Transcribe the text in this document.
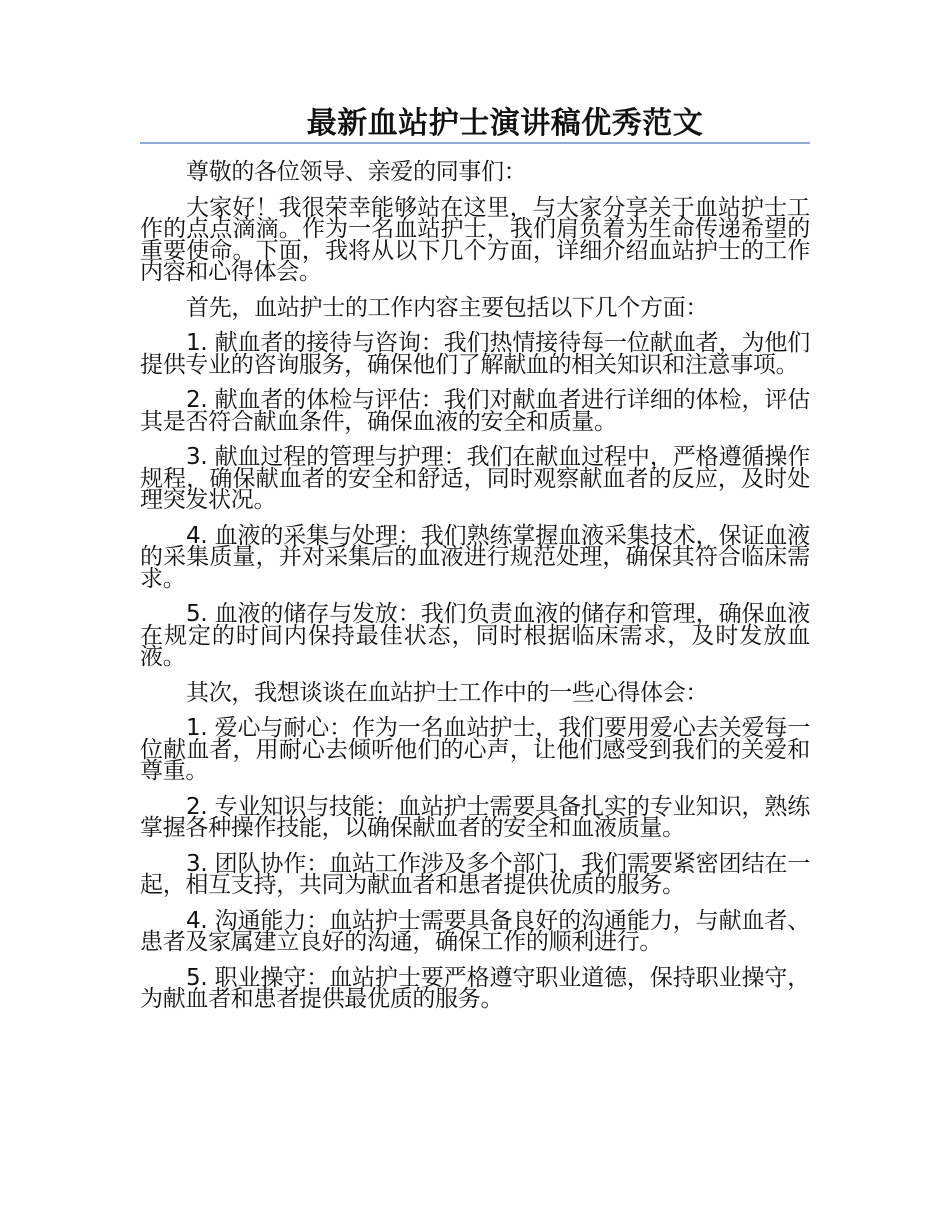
最新血站护士演讲稿优秀范文

尊敬的各位领导、亲爱的同事们：

大家好！我很荣幸能够站在这里，与大家分享关于血站护士工作的点点滴滴。作为一名血站护士，我们肩负着为生命传递希望的重要使命。下面，我将从以下几个方面，详细介绍血站护士的工作内容和心得体会。

首先，血站护士的工作内容主要包括以下几个方面：

1. 献血者的接待与咨询：我们热情接待每一位献血者，为他们提供专业的咨询服务，确保他们了解献血的相关知识和注意事项。

2. 献血者的体检与评估：我们对献血者进行详细的体检，评估其是否符合献血条件，确保血液的安全和质量。

3. 献血过程的管理与护理：我们在献血过程中，严格遵循操作规程，确保献血者的安全和舒适，同时观察献血者的反应，及时处理突发状况。

4. 血液的采集与处理：我们熟练掌握血液采集技术，保证血液的采集质量，并对采集后的血液进行规范处理，确保其符合临床需求。

5. 血液的储存与发放：我们负责血液的储存和管理，确保血液在规定的时间内保持最佳状态，同时根据临床需求，及时发放血液。

其次，我想谈谈在血站护士工作中的一些心得体会：

1. 爱心与耐心：作为一名血站护士，我们要用爱心去关爱每一位献血者，用耐心去倾听他们的心声，让他们感受到我们的关爱和尊重。

2. 专业知识与技能：血站护士需要具备扎实的专业知识，熟练掌握各种操作技能，以确保献血者的安全和血液质量。

3. 团队协作：血站工作涉及多个部门，我们需要紧密团结在一起，相互支持，共同为献血者和患者提供优质的服务。

4. 沟通能力：血站护士需要具备良好的沟通能力，与献血者、患者及家属建立良好的沟通，确保工作的顺利进行。

5. 职业操守：血站护士要严格遵守职业道德，保持职业操守，为献血者和患者提供最优质的服务。
